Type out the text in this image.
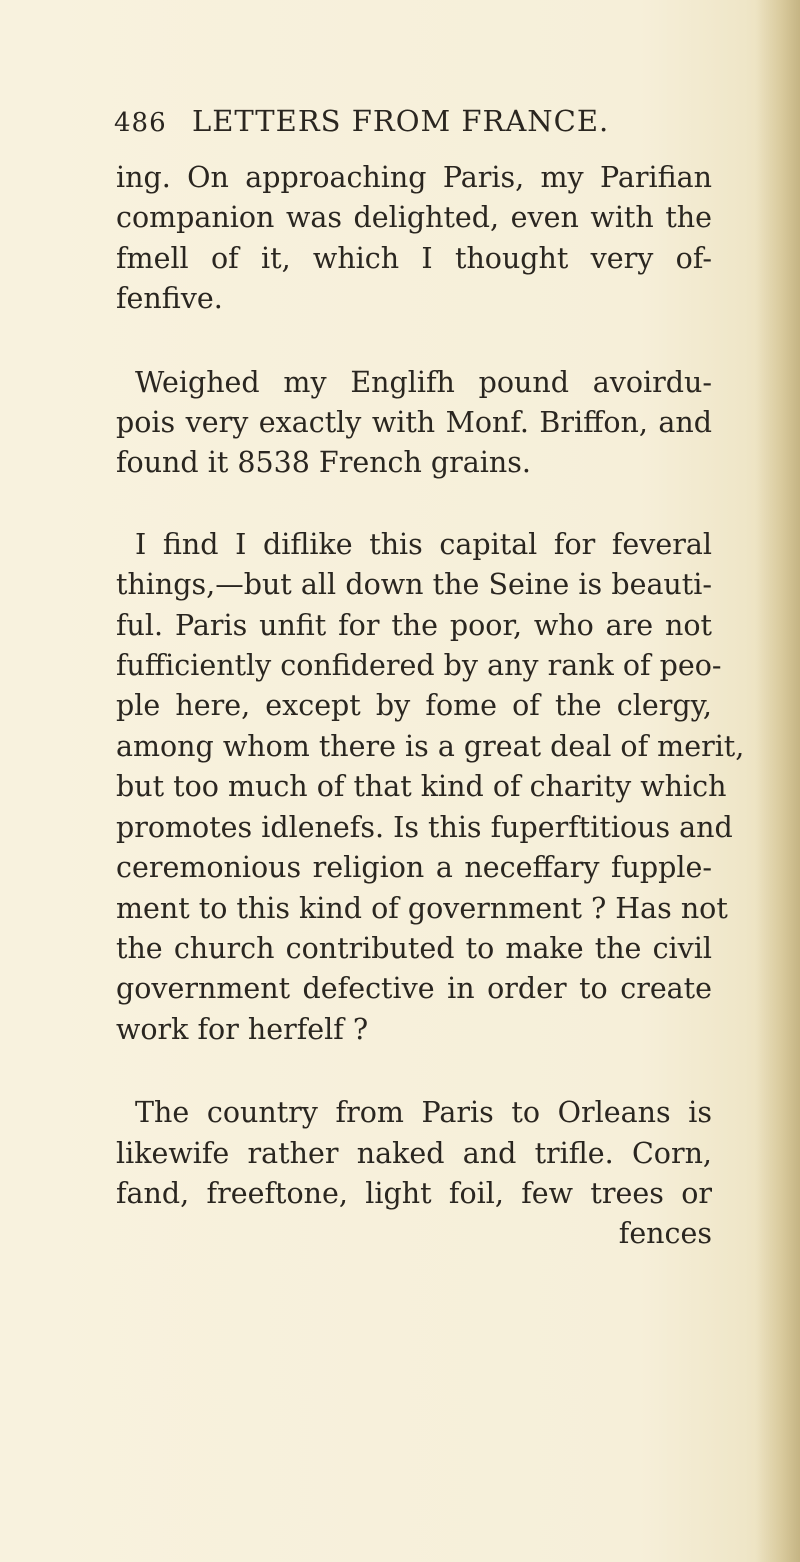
486 LETTERS FROM FRANCE.
ing. On approaching Paris, my Parifian
companion was delighted, even with the
fmell of it, which I thought very of-
fenfive.
Weighed my Englifh pound avoirdu-
pois very exactly with Monf. Briffon, and
found it 8538 French grains.
I find I diflike this capital for feveral
things,—but all down the Seine is beauti-
ful. Paris unfit for the poor, who are not
fufficiently confidered by any rank of peo-
ple here, except by fome of the clergy,
among whom there is a great deal of merit,
but too much of that kind of charity which
promotes idlenefs. Is this fuperftitious and
ceremonious religion a neceffary fupple-
ment to this kind of government ? Has not
the church contributed to make the civil
government defective in order to create
work for herfelf ?
The country from Paris to Orleans is
likewife rather naked and trifle. Corn,
fand, freeftone, light foil, few trees or
fences
